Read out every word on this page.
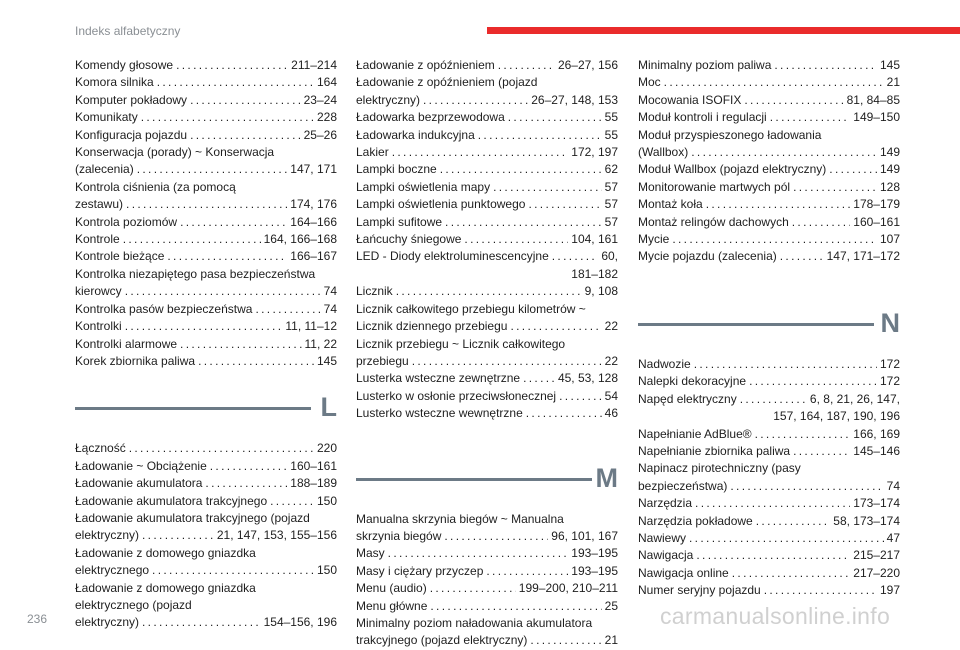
Indeks alfabetyczny
Komendy głosowe . . .	211–214
Komora silnika . . .	164
Komputer pokładowy . . .	23–24
Komunikaty . . .	228
Konfiguracja pojazdu . . .	25–26
Konserwacja (porady) ~ Konserwacja
(zalecenia) . . .	147, 171
Kontrola ciśnienia (za pomocą
zestawu) . . .	174, 176
Kontrola poziomów . . .	164–166
Kontrole . . .	164, 166–168
Kontrole bieżące . . .	166–167
Kontrolka niezapiętego pasa bezpieczeństwa
kierowcy . . .	74
Kontrolka pasów bezpieczeństwa . . .	74
Kontrolki . . .	11, 11–12
Kontrolki alarmowe . . .	11, 22
Korek zbiornika paliwa . . .	145
L
Łączność . . .	220
Ładowanie ~ Obciążenie . . .	160–161
Ładowanie akumulatora . . .	188–189
Ładowanie akumulatora trakcyjnego . . .	150
Ładowanie akumulatora trakcyjnego (pojazd
elektryczny) . . .	21, 147, 153, 155–156
Ładowanie z domowego gniazdka
elektrycznego . . .	150
Ładowanie z domowego gniazdka
elektrycznego (pojazd
elektryczny) . . .	154–156, 196
Ładowanie z opóźnieniem . . .	26–27, 156
Ładowanie z opóźnieniem (pojazd
elektryczny) . . .	26–27, 148, 153
Ładowarka bezprzewodowa . . .	55
Ładowarka indukcyjna . . .	55
Lakier . . .	172, 197
Lampki boczne . . .	62
Lampki oświetlenia mapy . . .	57
Lampki oświetlenia punktowego . . .	57
Lampki sufitowe . . .	57
Łańcuchy śniegowe . . .	104, 161
LED - Diody elektroluminescencyjne . . .	60,
181–182
Licznik . . .	9, 108
Licznik całkowitego przebiegu kilometrów ~
Licznik dziennego przebiegu . . .	22
Licznik przebiegu ~ Licznik całkowitego
przebiegu . . .	22
Lusterka wsteczne zewnętrzne . . .	45, 53, 128
Lusterko w osłonie przeciwsłonecznej . . .	54
Lusterko wsteczne wewnętrzne . . .	46
M
Manualna skrzynia biegów ~ Manualna
skrzynia biegów . . .	96, 101, 167
Masy . . .	193–195
Masy i ciężary przyczep . . .	193–195
Menu (audio) . . .	199–200, 210–211
Menu główne . . .	25
Minimalny poziom naładowania akumulatora
trakcyjnego (pojazd elektryczny) . . .	21
Minimalny poziom paliwa . . .	145
Moc . . .	21
Mocowania ISOFIX . . .	81, 84–85
Moduł kontroli i regulacji . . .	149–150
Moduł przyspieszonego ładowania
(Wallbox) . . .	149
Moduł Wallbox (pojazd elektryczny) . . .	149
Monitorowanie martwych pól . . .	128
Montaż koła . . .	178–179
Montaż relingów dachowych . . .	160–161
Mycie . . .	107
Mycie pojazdu (zalecenia) . . .	147, 171–172
N
Nadwozie . . .	172
Nalepki dekoracyjne . . .	172
Napęd elektryczny . . .	6, 8, 21, 26, 147,
157, 164, 187, 190, 196
Napełnianie AdBlue® . . .	166, 169
Napełnianie zbiornika paliwa . . .	145–146
Napinacz pirotechniczny (pasy
bezpieczeństwa) . . .	74
Narzędzia . . .	173–174
Narzędzia pokładowe . . .	58, 173–174
Nawiewy . . .	47
Nawigacja . . .	215–217
Nawigacja online . . .	217–220
Numer seryjny pojazdu . . .	197
236	carmanualsonline.info
